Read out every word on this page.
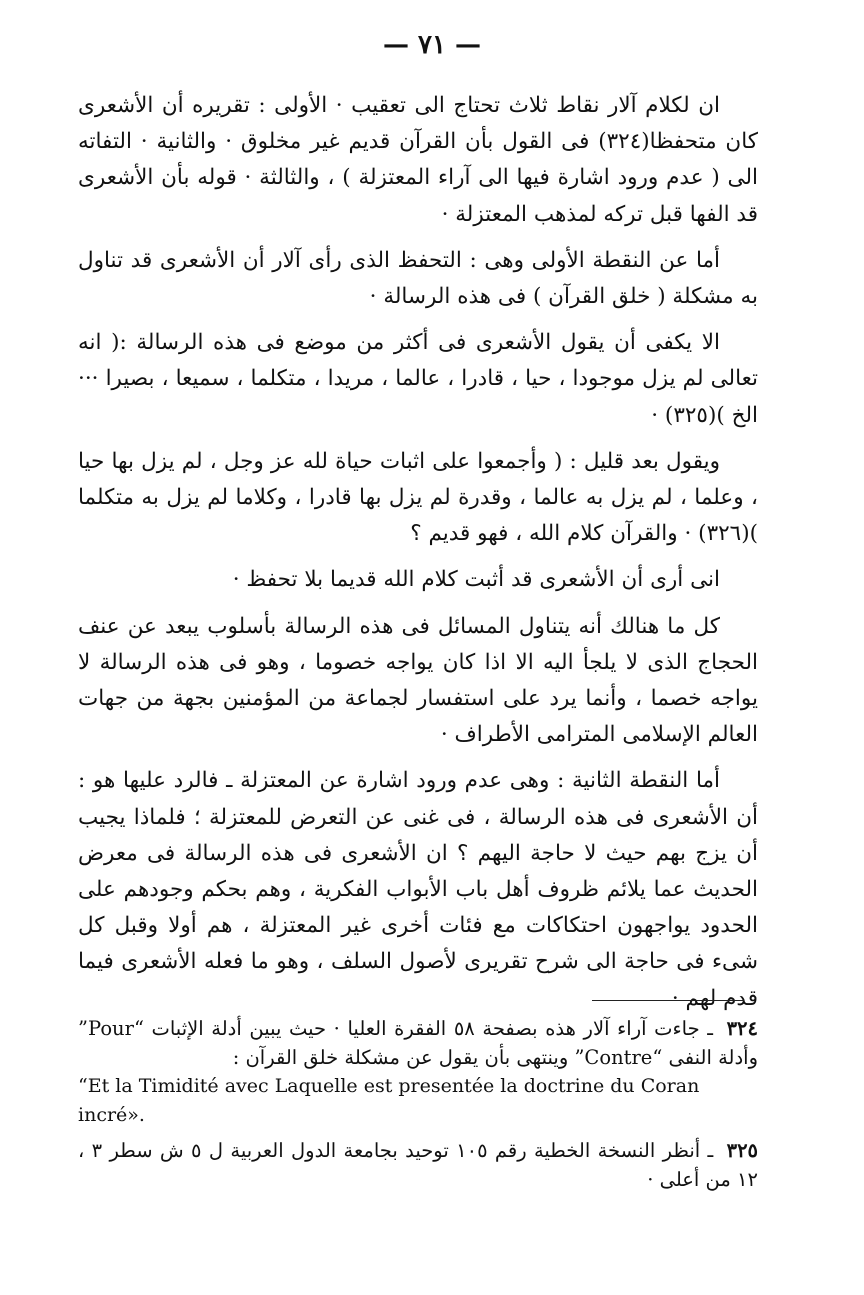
— ٧١ —

ان لكلام آلار نقاط ثلاث تحتاج الى تعقيب · الأولى : تقريره أن الأشعرى كان متحفظا(٣٢٤) فى القول بأن القرآن قديم غير مخلوق · والثانية · التفاته الى ( عدم ورود اشارة فيها الى آراء المعتزلة ) ، والثالثة · قوله بأن الأشعرى قد الفها قبل تركه لمذهب المعتزلة ·

أما عن النقطة الأولى وهى : التحفظ الذى رأى آلار أن الأشعرى قد تناول به مشكلة ( خلق القرآن ) فى هذه الرسالة ·

الا يكفى أن يقول الأشعرى فى أكثر من موضع فى هذه الرسالة :( انه تعالى لم يزل موجودا ، حيا ، قادرا ، عالما ، مريدا ، متكلما ، سميعا ، بصيرا ··· الخ )(٣٢٥) ·

ويقول بعد قليل : ( وأجمعوا على اثبات حياة لله عز وجل ، لم يزل بها حيا ، وعلما ، لم يزل به عالما ، وقدرة لم يزل بها قادرا ، وكلاما لم يزل به متكلما )(٣٢٦) · والقرآن كلام الله ، فهو قديم ؟

انى أرى أن الأشعرى قد أثبت كلام الله قديما بلا تحفظ ·

كل ما هنالك أنه يتناول المسائل فى هذه الرسالة بأسلوب يبعد عن عنف الحجاج الذى لا يلجأ اليه الا اذا كان يواجه خصوما ، وهو فى هذه الرسالة لا يواجه خصما ، وأنما يرد على استفسار لجماعة من المؤمنين بجهة من جهات العالم الإسلامى المترامى الأطراف ·

أما النقطة الثانية : وهى عدم ورود اشارة عن المعتزلة ـ فالرد عليها هو : أن الأشعرى فى هذه الرسالة ، فى غنى عن التعرض للمعتزلة ؛ فلماذا يجيب أن يزج بهم حيث لا حاجة اليهم ؟ ان الأشعرى فى هذه الرسالة فى معرض الحديث عما يلائم ظروف أهل باب الأبواب الفكرية ، وهم بحكم وجودهم على الحدود يواجهون احتكاكات مع فئات أخرى غير المعتزلة ، هم أولا وقبل كل شىء فى حاجة الى شرح تقريرى لأصول السلف ، وهو ما فعله الأشعرى فيما قدم لهم ·

٣٢٤ ـ جاءت آراء آلار هذه بصفحة ٥٨ الفقرة العليا · حيث يبين أدلة الإثبات “Pour” وأدلة النفى “Contre” وينتهى بأن يقول عن مشكلة خلق القرآن :
“Et la Timidité avec Laquelle est presentée la doctrine du Coran incré».
٣٢٥ ـ أنظر النسخة الخطية رقم ١٠٥ توحيد بجامعة الدول العربية ل ٥ ش سطر ٣ ، ١٢ من أعلى ·
